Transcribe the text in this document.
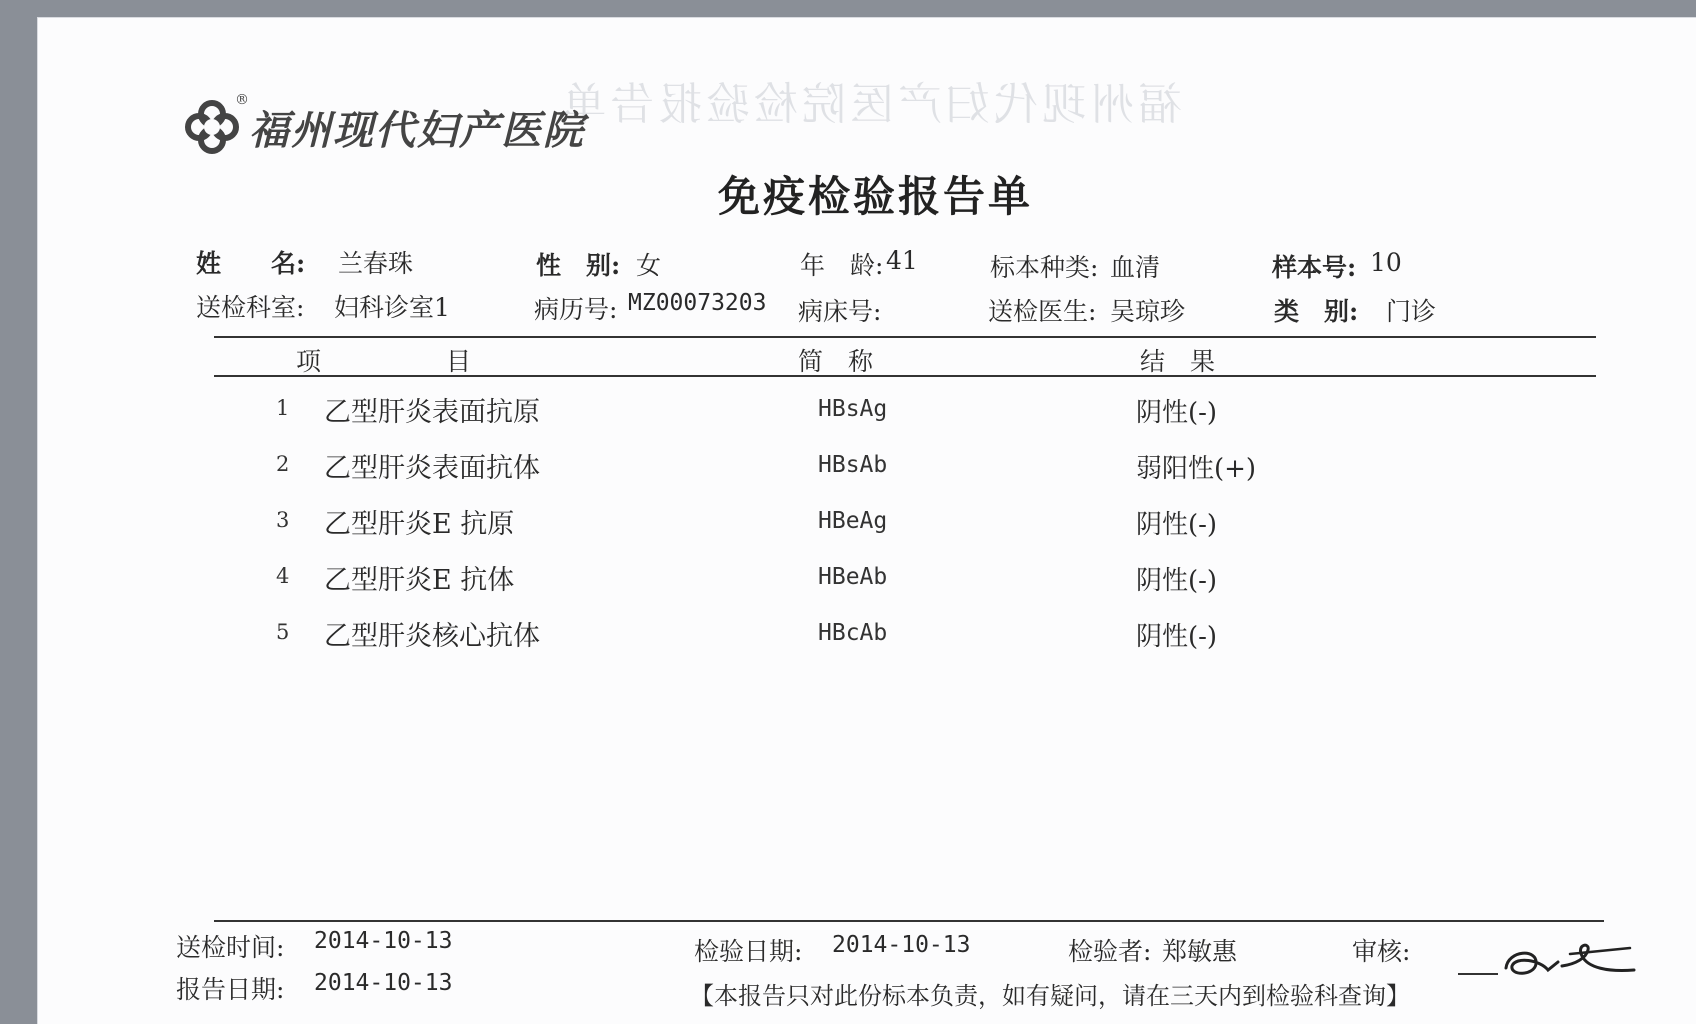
福州现代妇产医院检验报告单
®
福州现代妇产医院
免疫检验报告单
姓　　名: 兰春珠	性　别: 女	年　龄: 41	标本种类: 血清	样本号: 10
送检科室: 妇科诊室1	病历号: MZ00073203 病床号:	送检医生: 吴琼珍	类　别: 门诊
项　　　　　目	简　称	结　果
1 乙型肝炎表面抗原	HBsAg	阴性(-)
2 乙型肝炎表面抗体	HBsAb	弱阳性(+)
3 乙型肝炎E 抗原	HBeAg	阴性(-)
4 乙型肝炎E 抗体	HBeAb	阴性(-)
5 乙型肝炎核心抗体	HBcAb	阴性(-)
送检时间: 2014-10-13
报告日期: 2014-10-13
检验日期: 2014-10-13	检验者: 郑敏惠	审核:
【本报告只对此份标本负责，如有疑问，请在三天内到检验科查询】
